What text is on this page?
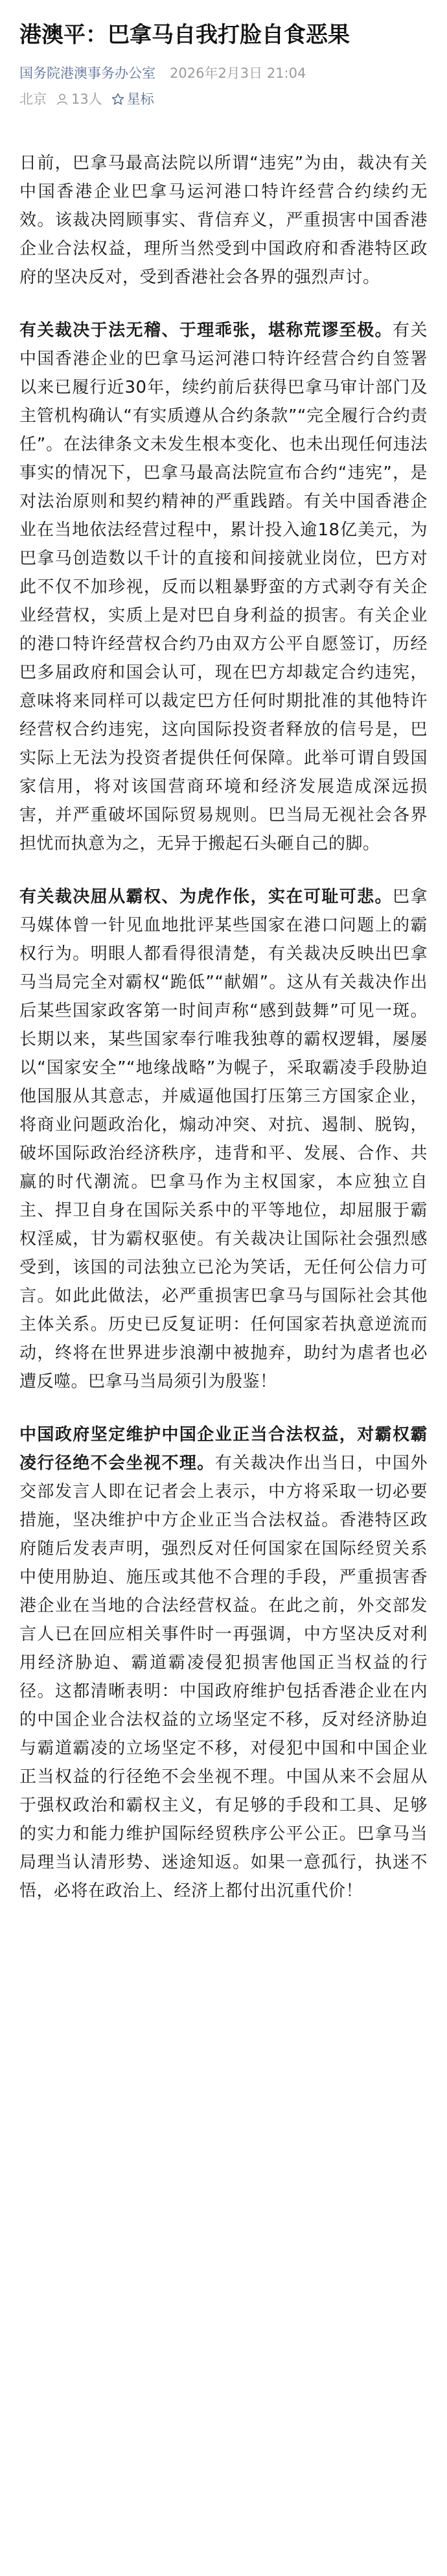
港澳平：巴拿马自我打脸自食恶果
国务院港澳事务办公室 2026年2月3日 21:04
北京 13人 星标

日前，巴拿马最高法院以所谓“违宪”为由，裁决有关中国香港企业巴拿马运河港口特许经营合约续约无效。该裁决罔顾事实、背信弃义，严重损害中国香港企业合法权益，理所当然受到中国政府和香港特区政府的坚决反对，受到香港社会各界的强烈声讨。

有关裁决于法无稽、于理乖张，堪称荒谬至极。有关中国香港企业的巴拿马运河港口特许经营合约自签署以来已履行近30年，续约前后获得巴拿马审计部门及主管机构确认“有实质遵从合约条款”“完全履行合约责任”。在法律条文未发生根本变化、也未出现任何违法事实的情况下，巴拿马最高法院宣布合约“违宪”，是对法治原则和契约精神的严重践踏。有关中国香港企业在当地依法经营过程中，累计投入逾18亿美元，为巴拿马创造数以千计的直接和间接就业岗位，巴方对此不仅不加珍视，反而以粗暴野蛮的方式剥夺有关企业经营权，实质上是对巴自身利益的损害。有关企业的港口特许经营权合约乃由双方公平自愿签订，历经巴多届政府和国会认可，现在巴方却裁定合约违宪，意味将来同样可以裁定巴方任何时期批准的其他特许经营权合约违宪，这向国际投资者释放的信号是，巴实际上无法为投资者提供任何保障。此举可谓自毁国家信用，将对该国营商环境和经济发展造成深远损害，并严重破坏国际贸易规则。巴当局无视社会各界担忧而执意为之，无异于搬起石头砸自己的脚。

有关裁决屈从霸权、为虎作伥，实在可耻可悲。巴拿马媒体曾一针见血地批评某些国家在港口问题上的霸权行为。明眼人都看得很清楚，有关裁决反映出巴拿马当局完全对霸权“跪低”“献媚”。这从有关裁决作出后某些国家政客第一时间声称“感到鼓舞”可见一斑。长期以来，某些国家奉行唯我独尊的霸权逻辑，屡屡以“国家安全”“地缘战略”为幌子，采取霸凌手段胁迫他国服从其意志，并威逼他国打压第三方国家企业，将商业问题政治化，煽动冲突、对抗、遏制、脱钩，破坏国际政治经济秩序，违背和平、发展、合作、共赢的时代潮流。巴拿马作为主权国家，本应独立自主、捍卫自身在国际关系中的平等地位，却屈服于霸权淫威，甘为霸权驱使。有关裁决让国际社会强烈感受到，该国的司法独立已沦为笑话，无任何公信力可言。如此此做法，必严重损害巴拿马与国际社会其他主体关系。历史已反复证明：任何国家若执意逆流而动，终将在世界进步浪潮中被抛弃，助纣为虐者也必遭反噬。巴拿马当局须引为殷鉴！

中国政府坚定维护中国企业正当合法权益，对霸权霸凌行径绝不会坐视不理。有关裁决作出当日，中国外交部发言人即在记者会上表示，中方将采取一切必要措施，坚决维护中方企业正当合法权益。香港特区政府随后发表声明，强烈反对任何国家在国际经贸关系中使用胁迫、施压或其他不合理的手段，严重损害香港企业在当地的合法经营权益。在此之前，外交部发言人已在回应相关事件时一再强调，中方坚决反对利用经济胁迫、霸道霸凌侵犯损害他国正当权益的行径。这都清晰表明：中国政府维护包括香港企业在内的中国企业合法权益的立场坚定不移，反对经济胁迫与霸道霸凌的立场坚定不移，对侵犯中国和中国企业正当权益的行径绝不会坐视不理。中国从来不会屈从于强权政治和霸权主义，有足够的手段和工具、足够的实力和能力维护国际经贸秩序公平公正。巴拿马当局理当认清形势、迷途知返。如果一意孤行，执迷不悟，必将在政治上、经济上都付出沉重代价！
